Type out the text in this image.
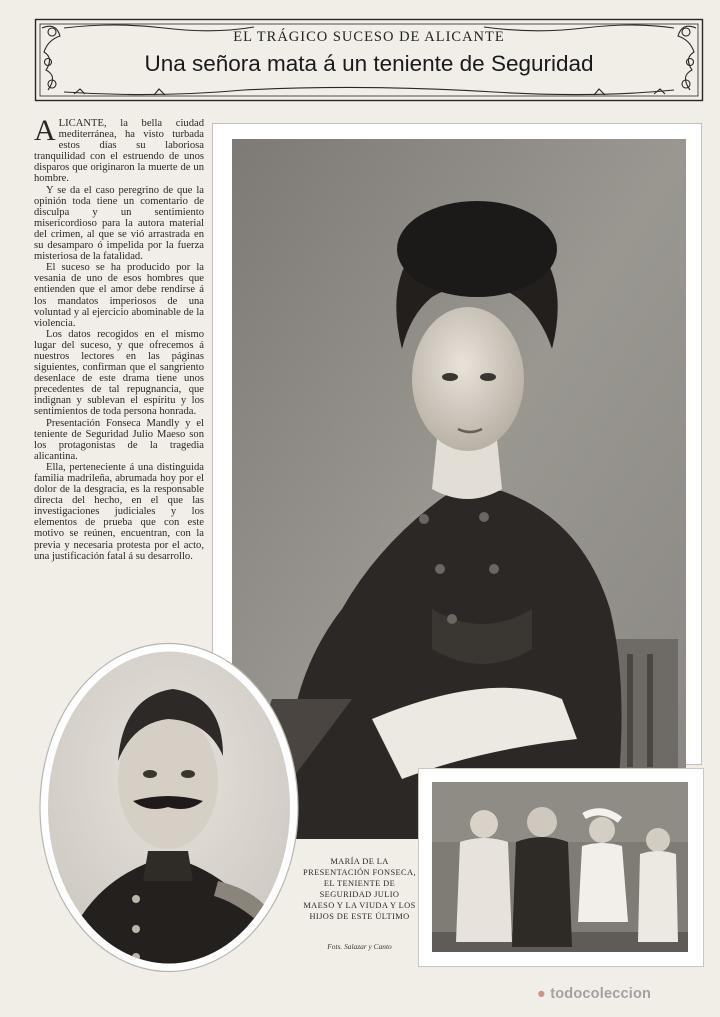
EL TRÁGICO SUCESO DE ALICANTE
Una señora mata á un teniente de Seguridad

ALICANTE, la bella ciudad mediterránea, ha visto turbada estos días su laboriosa tranquilidad con el estruendo de unos disparos que originaron la muerte de un hombre.

Y se da el caso peregrino de que la opinión toda tiene un comentario de disculpa y un sentimiento misericordioso para la autora material del crimen, al que se vió arrastrada en su desamparo ó impelida por la fuerza misteriosa de la fatalidad.

El suceso se ha producido por la vesania de uno de esos hombres que entienden que el amor debe rendirse á los mandatos imperiosos de una voluntad y al ejercicio abominable de la violencia.

Los datos recogidos en el mismo lugar del suceso, y que ofrecemos á nuestros lectores en las páginas siguientes, confirman que el sangriento desenlace de este drama tiene unos precedentes de tal repugnancia, que indignan y sublevan el espíritu y los sentimientos de toda persona honrada.

Presentación Fonseca Mandly y el teniente de Seguridad Julio Maeso son los protagonistas de la tragedia alicantina.

Ella, perteneciente á una distinguida familia madrileña, abrumada hoy por el dolor de la desgracia, es la responsable directa del hecho, en el que las investigaciones judiciales y los elementos de prueba que con este motivo se reúnen, encuentran, con la previa y necesaria protesta por el acto, una justificación fatal á su desarrollo.

MARÍA DE LA PRESENTACIÓN FONSECA, EL TENIENTE DE SEGURIDAD JULIO MAESO Y LA VIUDA Y LOS HIJOS DE ESTE ÚLTIMO
Fots. Salazar y Canto
● todocoleccion
